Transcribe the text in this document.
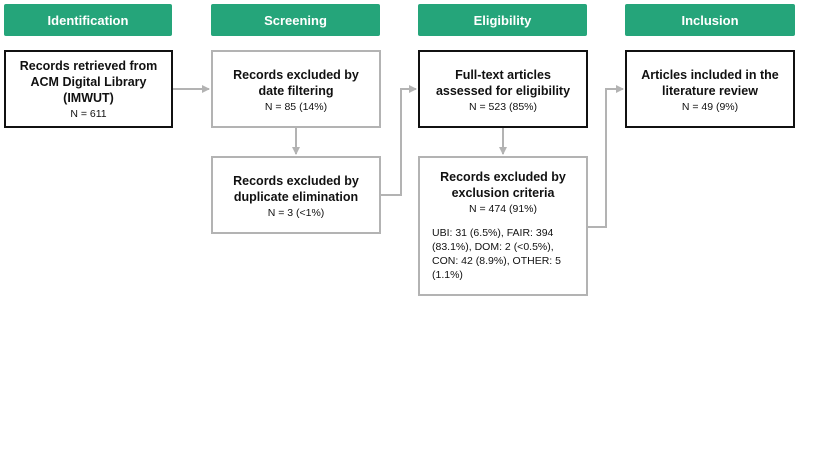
Identification	Screening	Eligibility	Inclusion
Records retrieved from ACM Digital Library (IMWUT)
N = 611
Records excluded by date filtering
N = 85 (14%)
Records excluded by duplicate elimination
N = 3 (<1%)
Full-text articles assessed for eligibility
N = 523 (85%)
Records excluded by exclusion criteria
N = 474 (91%)
UBI: 31 (6.5%), FAIR: 394 (83.1%), DOM: 2 (<0.5%), CON: 42 (8.9%), OTHER: 5 (1.1%)
Articles included in the literature review
N = 49 (9%)
